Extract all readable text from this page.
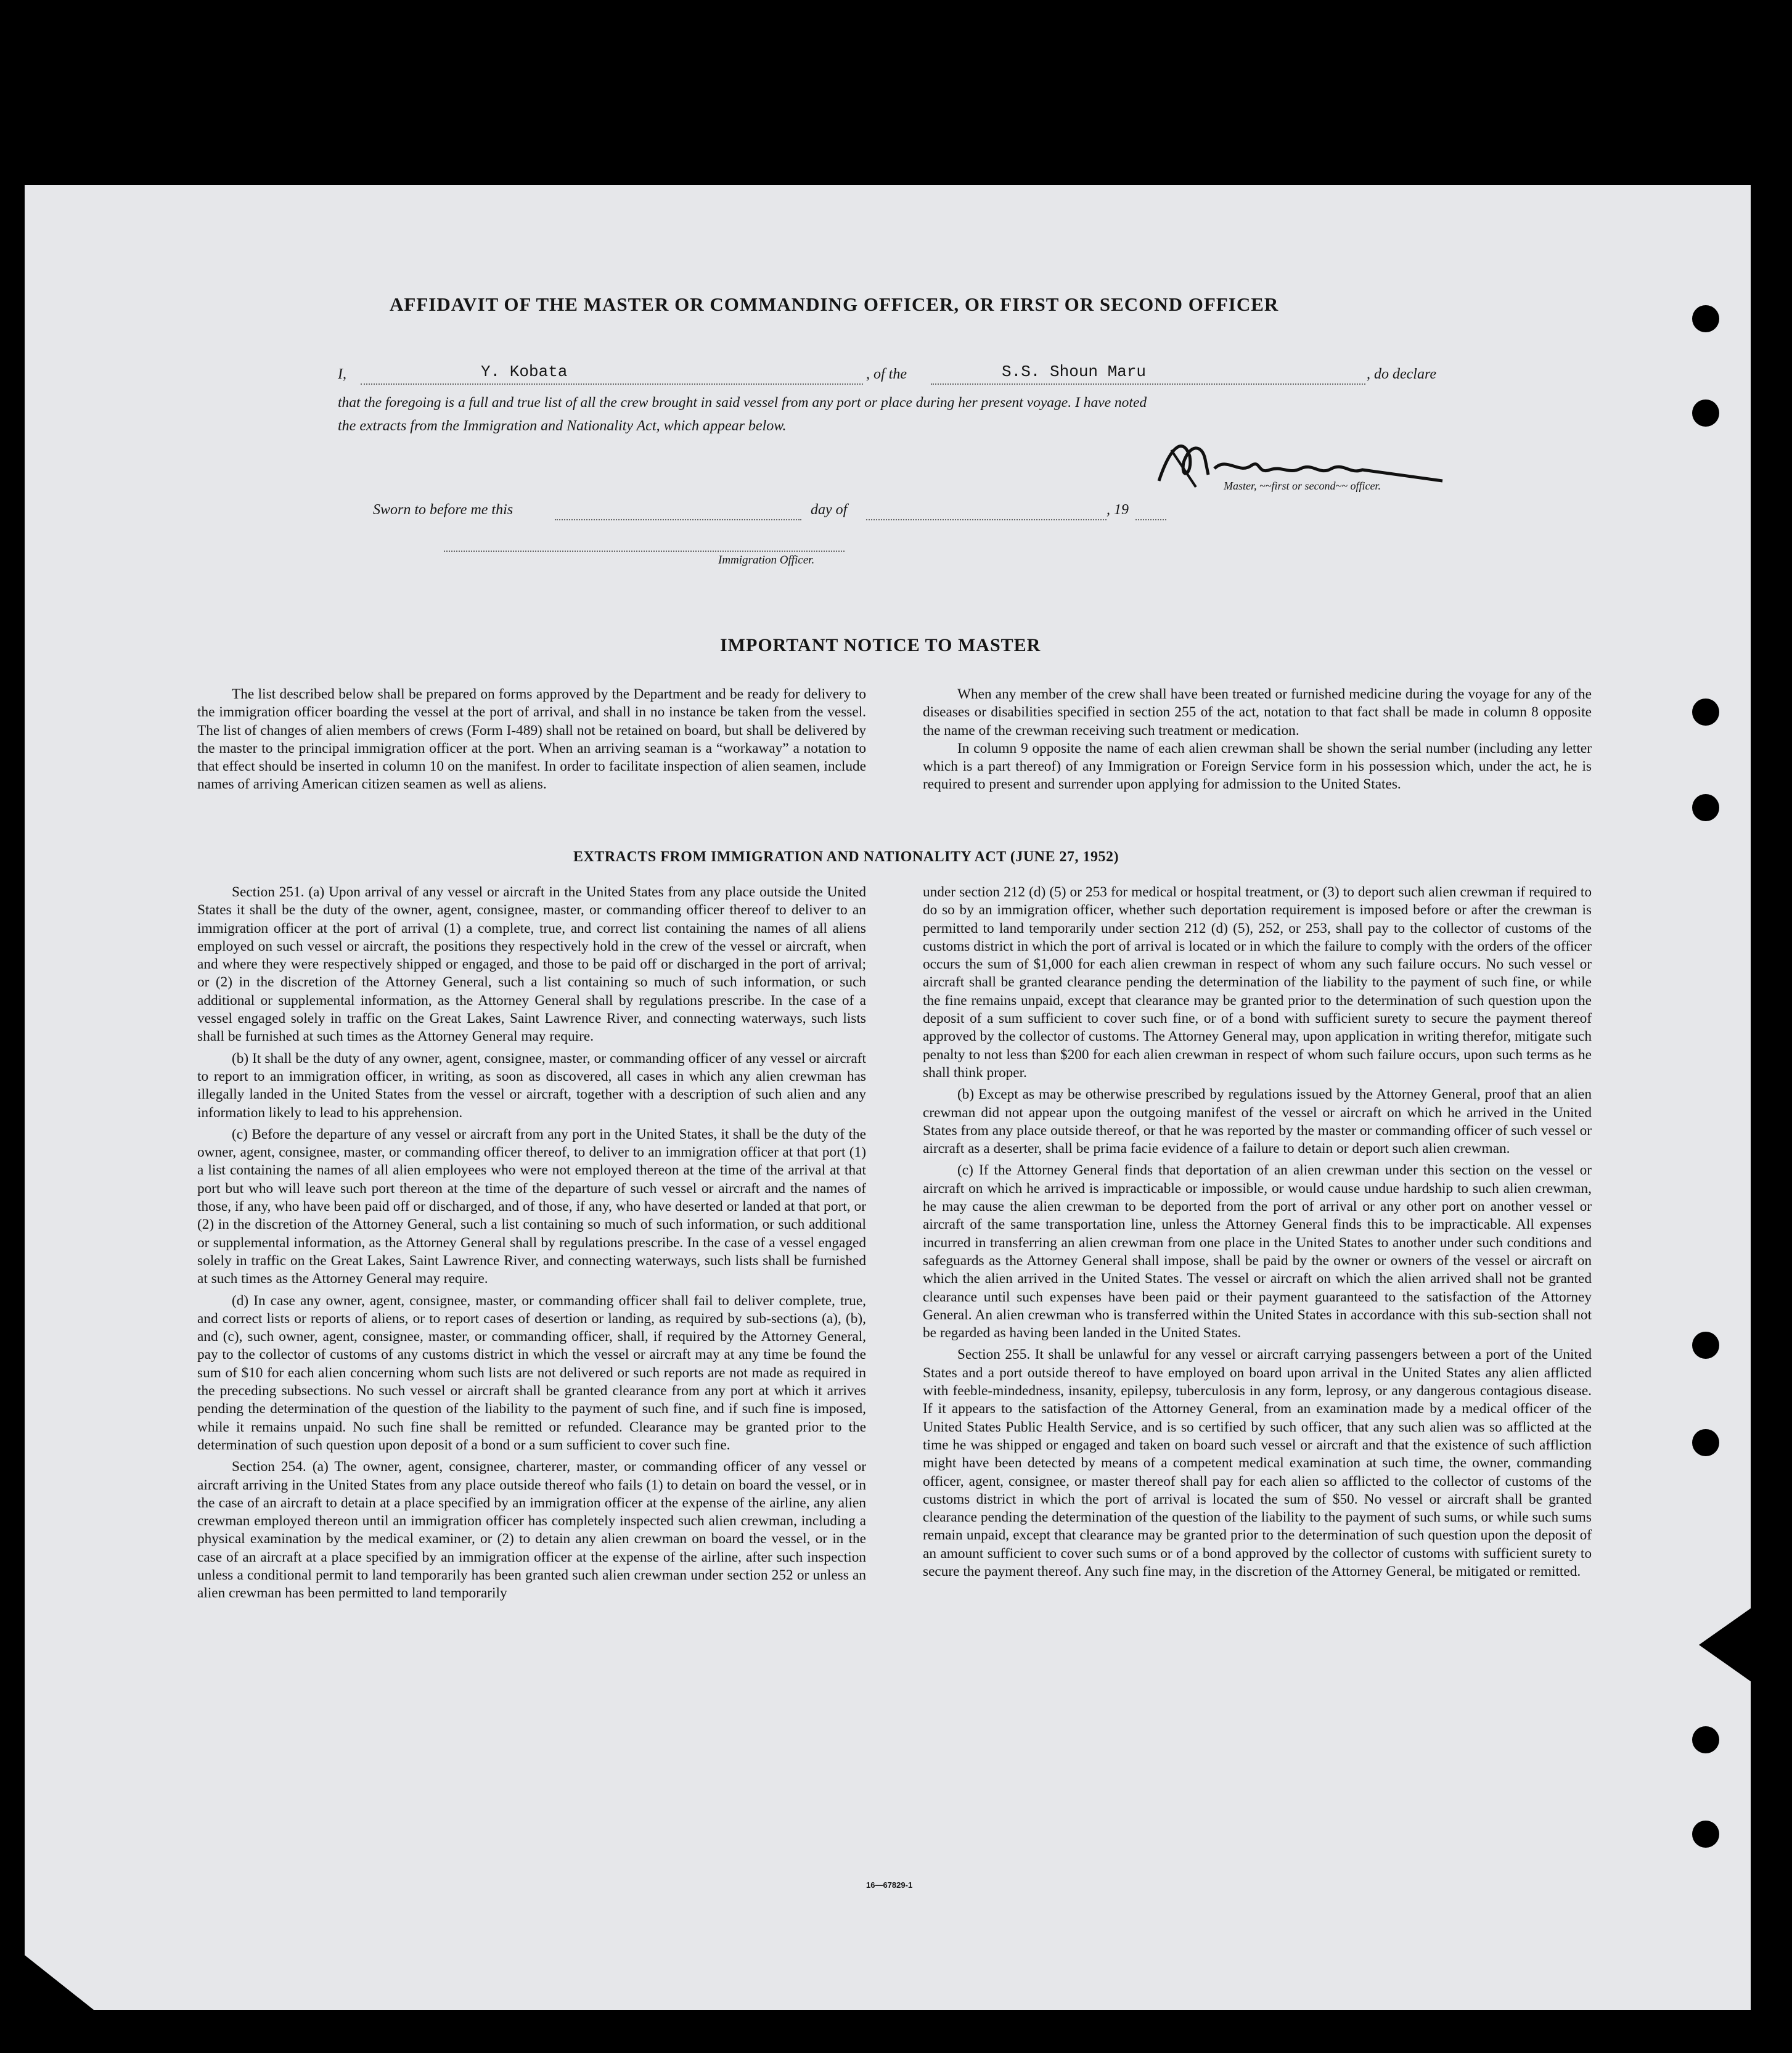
AFFIDAVIT OF THE MASTER OR COMMANDING OFFICER, OR FIRST OR SECOND OFFICER
I,	Y. Kobata	, of the	S.S. Shoun Maru	, do declare
that the foregoing is a full and true list of all the crew brought in said vessel from any port or place during her present voyage. I have noted
the extracts from the Immigration and Nationality Act, which appear below.
Master, ~~first or second~~ officer.
Sworn to before me this	day of	, 19
Immigration Officer.
IMPORTANT NOTICE TO MASTER

The list described below shall be prepared on forms approved by the Department and be ready for delivery to the immigration officer boarding the vessel at the port of arrival, and shall in no instance be taken from the vessel. The list of changes of alien members of crews (Form I-489) shall not be retained on board, but shall be delivered by the master to the principal immigration officer at the port. When an arriving seaman is a “workaway” a notation to that effect should be inserted in column 10 on the manifest. In order to facilitate inspection of alien seamen, include names of arriving American citizen seamen as well as aliens.

When any member of the crew shall have been treated or furnished medicine during the voyage for any of the diseases or disabilities specified in section 255 of the act, notation to that fact shall be made in column 8 opposite the name of the crewman receiving such treatment or medication.

In column 9 opposite the name of each alien crewman shall be shown the serial number (including any letter which is a part thereof) of any Immigration or Foreign Service form in his possession which, under the act, he is required to present and surrender upon applying for admission to the United States.

EXTRACTS FROM IMMIGRATION AND NATIONALITY ACT (JUNE 27, 1952)

Section 251. (a) Upon arrival of any vessel or aircraft in the United States from any place outside the United States it shall be the duty of the owner, agent, consignee, master, or commanding officer thereof to deliver to an immigration officer at the port of arrival (1) a complete, true, and correct list containing the names of all aliens employed on such vessel or aircraft, the positions they respectively hold in the crew of the vessel or aircraft, when and where they were respectively shipped or engaged, and those to be paid off or discharged in the port of arrival; or (2) in the discretion of the Attorney General, such a list containing so much of such information, or such additional or supplemental information, as the Attorney General shall by regulations prescribe. In the case of a vessel engaged solely in traffic on the Great Lakes, Saint Lawrence River, and connecting waterways, such lists shall be furnished at such times as the Attorney General may require.

(b) It shall be the duty of any owner, agent, consignee, master, or commanding officer of any vessel or aircraft to report to an immigration officer, in writing, as soon as discovered, all cases in which any alien crewman has illegally landed in the United States from the vessel or aircraft, together with a description of such alien and any information likely to lead to his apprehension.

(c) Before the departure of any vessel or aircraft from any port in the United States, it shall be the duty of the owner, agent, consignee, master, or commanding officer thereof, to deliver to an immigration officer at that port (1) a list containing the names of all alien employees who were not employed thereon at the time of the arrival at that port but who will leave such port thereon at the time of the departure of such vessel or aircraft and the names of those, if any, who have been paid off or discharged, and of those, if any, who have deserted or landed at that port, or (2) in the discretion of the Attorney General, such a list containing so much of such information, or such additional or supplemental information, as the Attorney General shall by regulations prescribe. In the case of a vessel engaged solely in traffic on the Great Lakes, Saint Lawrence River, and connecting waterways, such lists shall be furnished at such times as the Attorney General may require.

(d) In case any owner, agent, consignee, master, or commanding officer shall fail to deliver complete, true, and correct lists or reports of aliens, or to report cases of desertion or landing, as required by sub-sections (a), (b), and (c), such owner, agent, consignee, master, or commanding officer, shall, if required by the Attorney General, pay to the collector of customs of any customs district in which the vessel or aircraft may at any time be found the sum of $10 for each alien concerning whom such lists are not delivered or such reports are not made as required in the preceding subsections. No such vessel or aircraft shall be granted clearance from any port at which it arrives pending the determination of the question of the liability to the payment of such fine, and if such fine is imposed, while it remains unpaid. No such fine shall be remitted or refunded. Clearance may be granted prior to the determination of such question upon deposit of a bond or a sum sufficient to cover such fine.

Section 254. (a) The owner, agent, consignee, charterer, master, or commanding officer of any vessel or aircraft arriving in the United States from any place outside thereof who fails (1) to detain on board the vessel, or in the case of an aircraft to detain at a place specified by an immigration officer at the expense of the airline, any alien crewman employed thereon until an immigration officer has completely inspected such alien crewman, including a physical examination by the medical examiner, or (2) to detain any alien crewman on board the vessel, or in the case of an aircraft at a place specified by an immigration officer at the expense of the airline, after such inspection unless a conditional permit to land temporarily has been granted such alien crewman under section 252 or unless an alien crewman has been permitted to land temporarily

under section 212 (d) (5) or 253 for medical or hospital treatment, or (3) to deport such alien crewman if required to do so by an immigration officer, whether such deportation requirement is imposed before or after the crewman is permitted to land temporarily under section 212 (d) (5), 252, or 253, shall pay to the collector of customs of the customs district in which the port of arrival is located or in which the failure to comply with the orders of the officer occurs the sum of $1,000 for each alien crewman in respect of whom any such failure occurs. No such vessel or aircraft shall be granted clearance pending the determination of the liability to the payment of such fine, or while the fine remains unpaid, except that clearance may be granted prior to the determination of such question upon the deposit of a sum sufficient to cover such fine, or of a bond with sufficient surety to secure the payment thereof approved by the collector of customs. The Attorney General may, upon application in writing therefor, mitigate such penalty to not less than $200 for each alien crewman in respect of whom such failure occurs, upon such terms as he shall think proper.

(b) Except as may be otherwise prescribed by regulations issued by the Attorney General, proof that an alien crewman did not appear upon the outgoing manifest of the vessel or aircraft on which he arrived in the United States from any place outside thereof, or that he was reported by the master or commanding officer of such vessel or aircraft as a deserter, shall be prima facie evidence of a failure to detain or deport such alien crewman.

(c) If the Attorney General finds that deportation of an alien crewman under this section on the vessel or aircraft on which he arrived is impracticable or impossible, or would cause undue hardship to such alien crewman, he may cause the alien crewman to be deported from the port of arrival or any other port on another vessel or aircraft of the same transportation line, unless the Attorney General finds this to be impracticable. All expenses incurred in transferring an alien crewman from one place in the United States to another under such conditions and safeguards as the Attorney General shall impose, shall be paid by the owner or owners of the vessel or aircraft on which the alien arrived in the United States. The vessel or aircraft on which the alien arrived shall not be granted clearance until such expenses have been paid or their payment guaranteed to the satisfaction of the Attorney General. An alien crewman who is transferred within the United States in accordance with this sub-section shall not be regarded as having been landed in the United States.

Section 255. It shall be unlawful for any vessel or aircraft carrying passengers between a port of the United States and a port outside thereof to have employed on board upon arrival in the United States any alien afflicted with feeble-mindedness, insanity, epilepsy, tuberculosis in any form, leprosy, or any dangerous contagious disease. If it appears to the satisfaction of the Attorney General, from an examination made by a medical officer of the United States Public Health Service, and is so certified by such officer, that any such alien was so afflicted at the time he was shipped or engaged and taken on board such vessel or aircraft and that the existence of such affliction might have been detected by means of a competent medical examination at such time, the owner, commanding officer, agent, consignee, or master thereof shall pay for each alien so afflicted to the collector of customs of the customs district in which the port of arrival is located the sum of $50. No vessel or aircraft shall be granted clearance pending the determination of the question of the liability to the payment of such sums, or while such sums remain unpaid, except that clearance may be granted prior to the determination of such question upon the deposit of an amount sufficient to cover such sums or of a bond approved by the collector of customs with sufficient surety to secure the payment thereof. Any such fine may, in the discretion of the Attorney General, be mitigated or remitted.

16—67829-1
